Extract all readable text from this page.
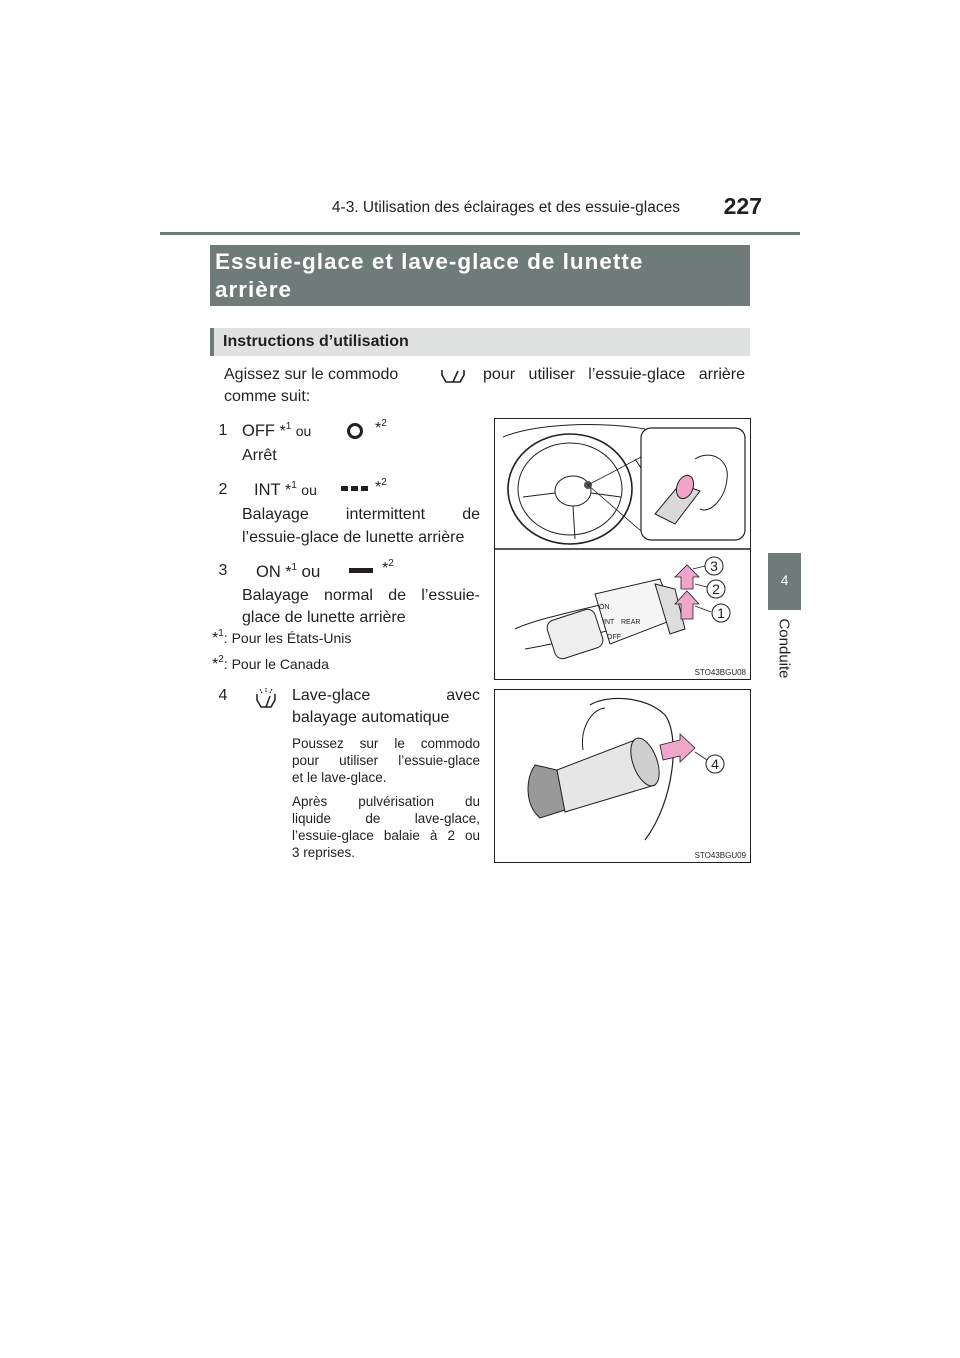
4-3. Utilisation des éclairages et des essuie-glaces	227
4
Conduite
Essuie-glace et lave-glace de lunette
arrière
Instructions d’utilisation
Agissez sur le commodo	pour utiliser l’essuie-glace arrière
comme suit:
1 OFF *$^1$ ou	*$^2$
Arrêt
2 INT *$^1$ ou	*$^2$
Balayage intermittent de
l’essuie-glace de lunette arrière
3 ON *$^1$ ou	*$^2$
Balayage normal de l’essuie-
glace de lunette arrière
*$^1$: Pour les États-Unis
*$^2$: Pour le Canada
4	Lave-glace avec
balayage automatique
Poussez sur le commodo
pour utiliser l’essuie-glace
et le lave-glace.
Après pulvérisation du
liquide de lave-glace,
l’essuie-glace balaie à 2 ou
3 reprises.
OFF
INT
ON
REAR
3
2
1
STO43BGU08
4
STO43BGU09
